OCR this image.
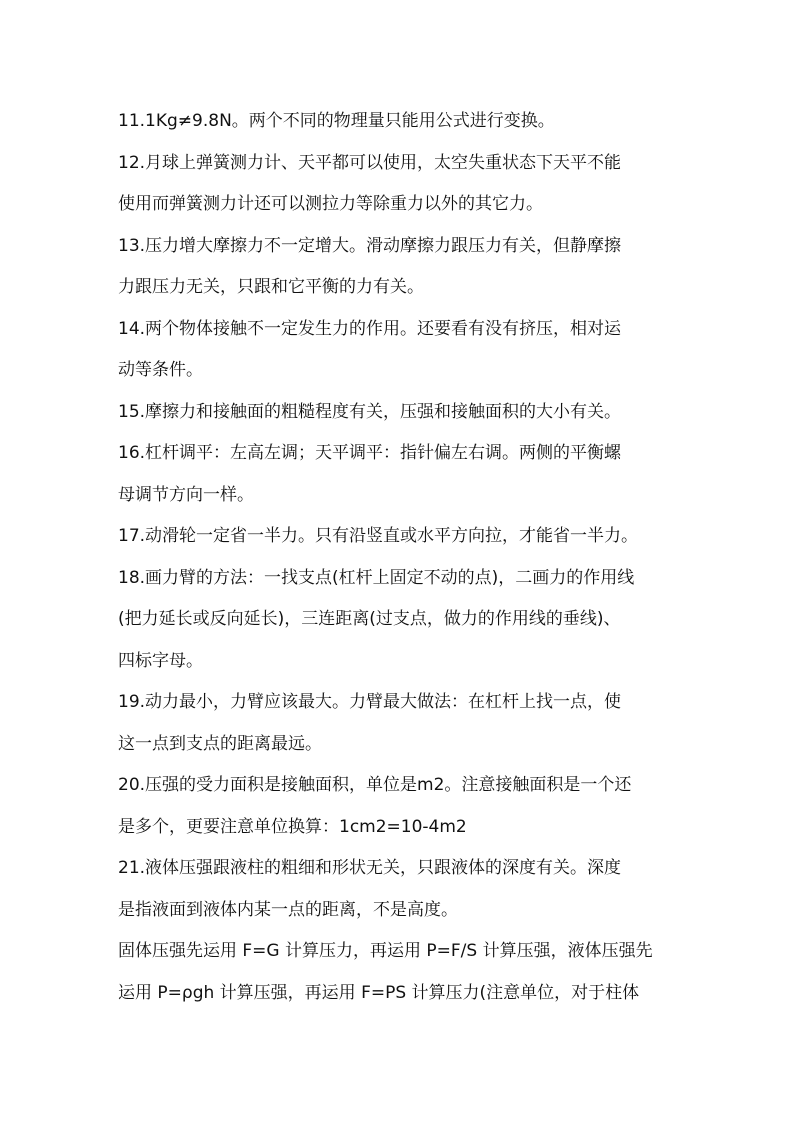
11.1Kg≠9.8N。两个不同的物理量只能用公式进行变换。
12.月球上弹簧测力计、天平都可以使用，太空失重状态下天平不能
使用而弹簧测力计还可以测拉力等除重力以外的其它力。
13.压力增大摩擦力不一定增大。滑动摩擦力跟压力有关，但静摩擦
力跟压力无关，只跟和它平衡的力有关。
14.两个物体接触不一定发生力的作用。还要看有没有挤压，相对运
动等条件。
15.摩擦力和接触面的粗糙程度有关，压强和接触面积的大小有关。
16.杠杆调平：左高左调；天平调平：指针偏左右调。两侧的平衡螺
母调节方向一样。
17.动滑轮一定省一半力。只有沿竖直或水平方向拉，才能省一半力。
18.画力臂的方法：一找支点(杠杆上固定不动的点)，二画力的作用线
(把力延长或反向延长)，三连距离(过支点，做力的作用线的垂线)、
四标字母。
19.动力最小，力臂应该最大。力臂最大做法：在杠杆上找一点，使
这一点到支点的距离最远。
20.压强的受力面积是接触面积，单位是m2。注意接触面积是一个还
是多个，更要注意单位换算：1cm2=10-4m2
21.液体压强跟液柱的粗细和形状无关，只跟液体的深度有关。深度
是指液面到液体内某一点的距离，不是高度。
固体压强先运用 F=G 计算压力，再运用 P=F/S 计算压强，液体压强先
运用 P=ρgh 计算压强，再运用 F=PS 计算压力(注意单位，对于柱体
